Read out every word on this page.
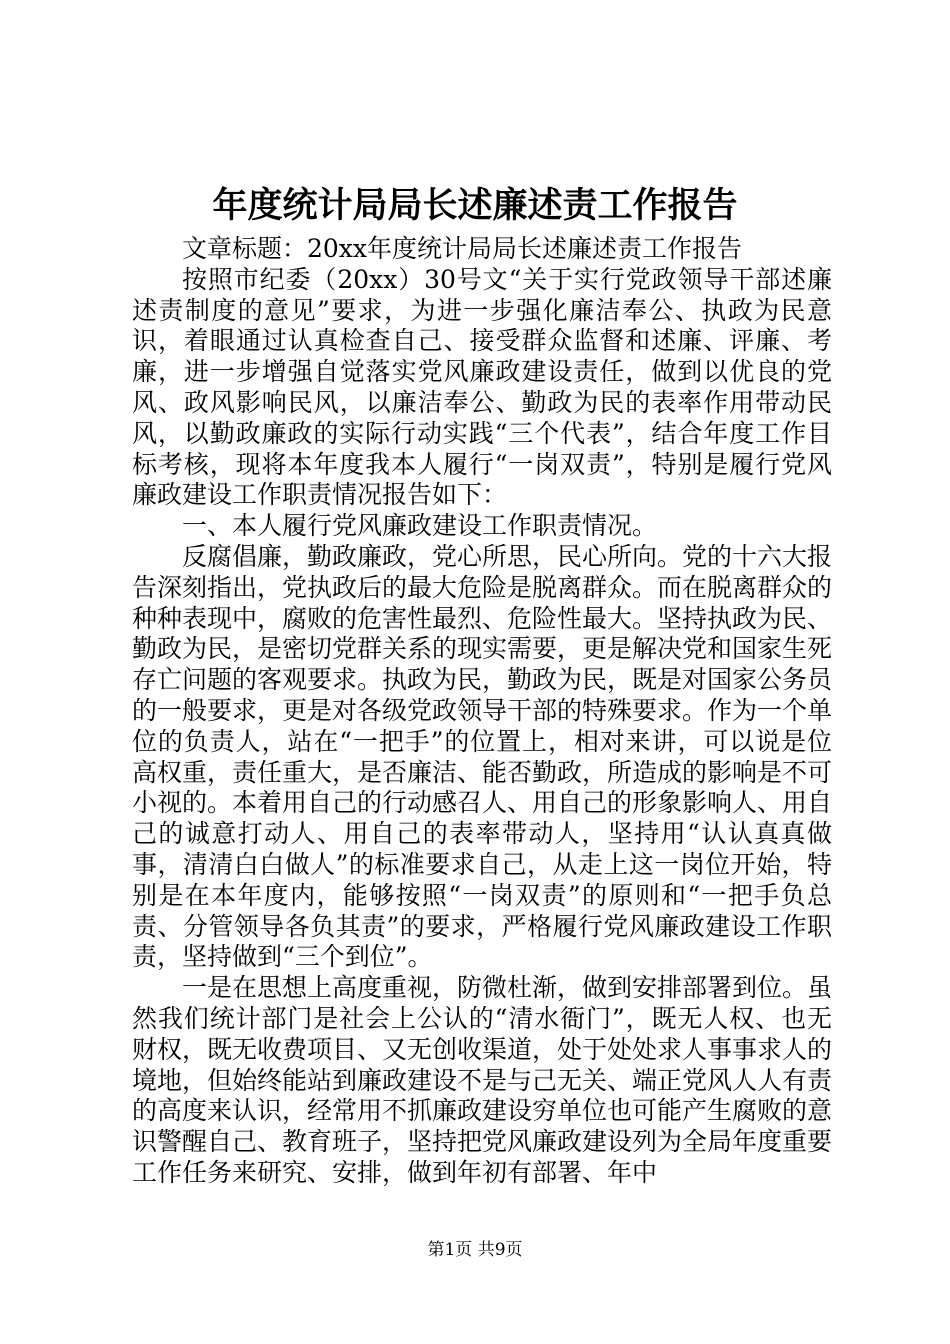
年度统计局局长述廉述责工作报告

文章标题：20xx年度统计局局长述廉述责工作报告

按照市纪委（20xx）30号文“关于实行党政领导干部述廉述责制度的意见”要求，为进一步强化廉洁奉公、执政为民意识，着眼通过认真检查自己、接受群众监督和述廉、评廉、考廉，进一步增强自觉落实党风廉政建设责任，做到以优良的党风、政风影响民风，以廉洁奉公、勤政为民的表率作用带动民风，以勤政廉政的实际行动实践“三个代表”，结合年度工作目标考核，现将本年度我本人履行“一岗双责”，特别是履行党风廉政建设工作职责情况报告如下：

一、本人履行党风廉政建设工作职责情况。

反腐倡廉，勤政廉政，党心所思，民心所向。党的十六大报告深刻指出，党执政后的最大危险是脱离群众。而在脱离群众的种种表现中，腐败的危害性最烈、危险性最大。坚持执政为民、勤政为民，是密切党群关系的现实需要，更是解决党和国家生死存亡问题的客观要求。执政为民，勤政为民，既是对国家公务员的一般要求，更是对各级党政领导干部的特殊要求。作为一个单位的负责人，站在“一把手”的位置上，相对来讲，可以说是位高权重，责任重大，是否廉洁、能否勤政，所造成的影响是不可小视的。本着用自己的行动感召人、用自己的形象影响人、用自己的诚意打动人、用自己的表率带动人，坚持用“认认真真做事，清清白白做人”的标准要求自己，从走上这一岗位开始，特别是在本年度内，能够按照“一岗双责”的原则和“一把手负总责、分管领导各负其责”的要求，严格履行党风廉政建设工作职责，坚持做到“三个到位”。

一是在思想上高度重视，防微杜渐，做到安排部署到位。虽然我们统计部门是社会上公认的“清水衙门”，既无人权、也无财权，既无收费项目、又无创收渠道，处于处处求人事事求人的境地，但始终能站到廉政建设不是与己无关、端正党风人人有责的高度来认识，经常用不抓廉政建设穷单位也可能产生腐败的意识警醒自己、教育班子，坚持把党风廉政建设列为全局年度重要工作任务来研究、安排，做到年初有部署、年中

第1页 共9页
